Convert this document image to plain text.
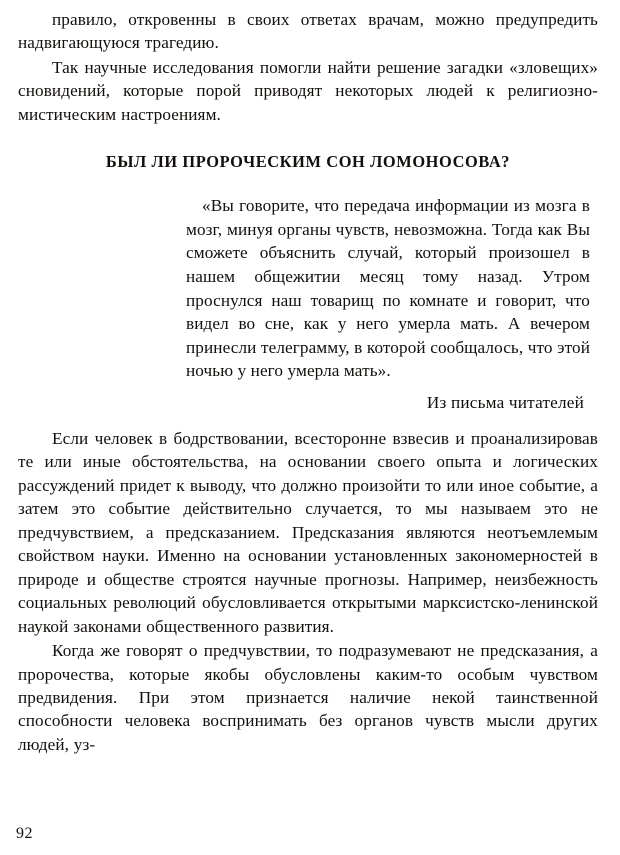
правило, откровенны в своих ответах врачам, можно предупредить надвигающуюся трагедию.

Так научные исследования помогли найти решение загадки «зловещих» сновидений, которые порой приводят некоторых людей к религиозно-мистическим настроениям.

БЫЛ ЛИ ПРОРОЧЕСКИМ СОН ЛОМОНОСОВА?

«Вы говорите, что передача информации из мозга в мозг, минуя органы чувств, невозможна. Тогда как Вы сможете объяснить случай, который произошел в нашем общежитии месяц тому назад. Утром проснулся наш товарищ по комнате и говорит, что видел во сне, как у него умерла мать. А вечером принесли телеграмму, в которой сообщалось, что этой ночью у него умерла мать».

Из письма читателей

Если человек в бодрствовании, всесторонне взвесив и проанализировав те или иные обстоятельства, на основании своего опыта и логических рассуждений придет к выводу, что должно произойти то или иное событие, а затем это событие действительно случается, то мы называем это не предчувствием, а предсказанием. Предсказания являются неотъемлемым свойством науки. Именно на основании установленных закономерностей в природе и обществе строятся научные прогнозы. Например, неизбежность социальных революций обусловливается открытыми марксистско-ленинской наукой законами общественного развития.

Когда же говорят о предчувствии, то подразумевают не предсказания, а пророчества, которые якобы обусловлены каким-то особым чувством предвидения. При этом признается наличие некой таинственной способности человека воспринимать без органов чувств мысли других людей, уз-

92
